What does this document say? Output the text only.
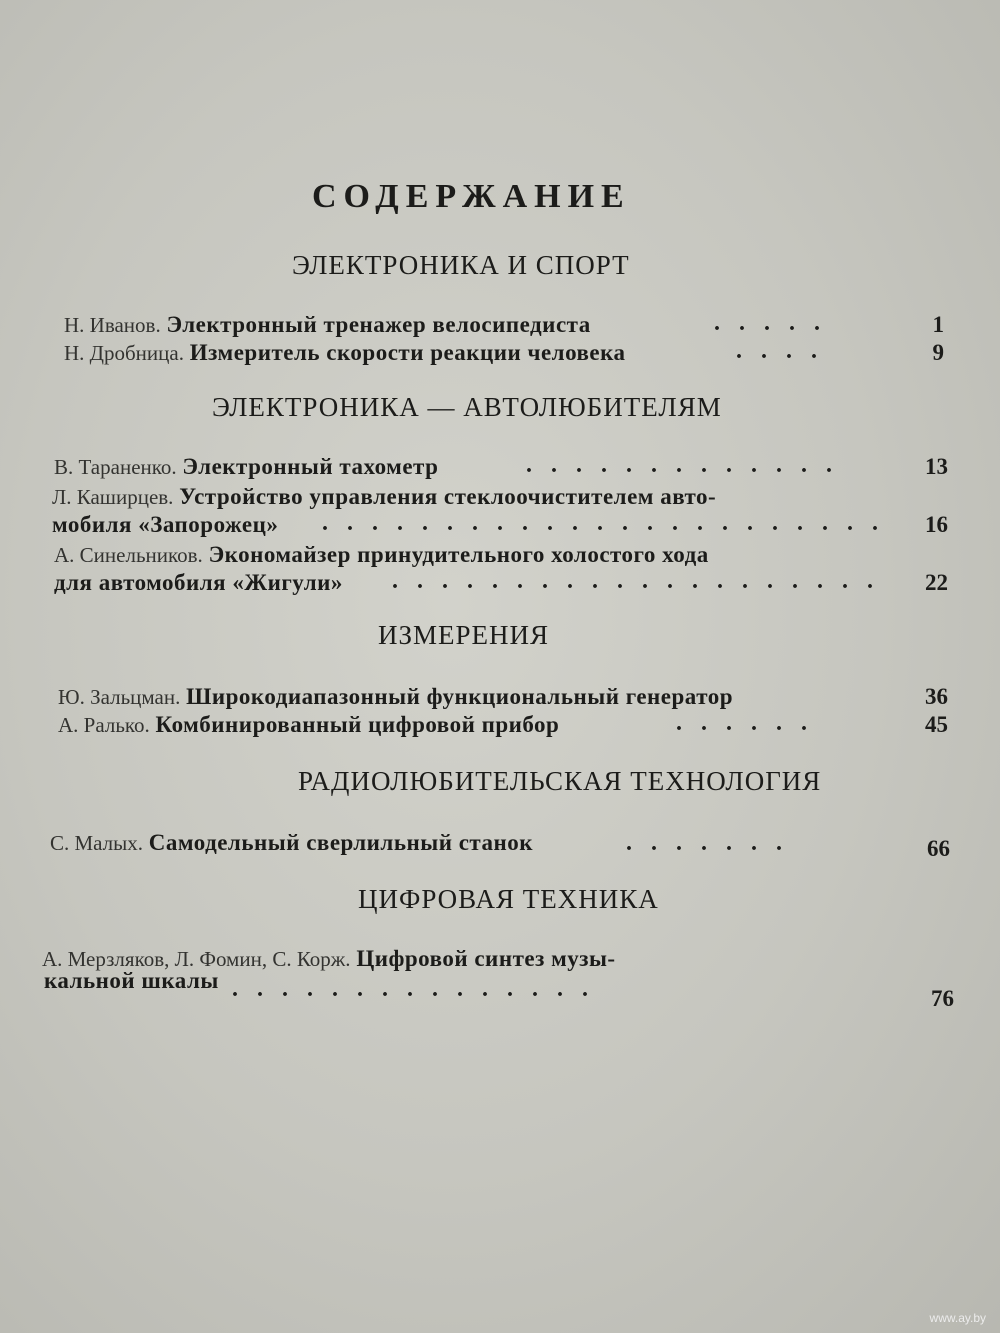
СОДЕРЖАНИЕ
ЭЛЕКТРОНИКА И СПОРТ
Н. Иванов. Электронный тренажер велосипедиста	.....	1
Н. Дробница. Измеритель скорости реакции человека	....	9
ЭЛЕКТРОНИКА — АВТОЛЮБИТЕЛЯМ
В. Тараненко. Электронный тахометр	.............	13
Л. Каширцев. Устройство управления стеклоочистителем авто-
мобиля «Запорожец» .......................	16
А. Синельников. Экономайзер принудительного холостого хода
для автомобиля «Жигули» ....................	22
ИЗМЕРЕНИЯ
Ю. Зальцман. Широкодиапазонный функциональный генератор	36
А. Ралько. Комбинированный цифровой прибор	......	45
РАДИОЛЮБИТЕЛЬСКАЯ ТЕХНОЛОГИЯ
С. Малых. Самодельный сверлильный станок	.......	66
ЦИФРОВАЯ ТЕХНИКА
А. Мерзляков, Л. Фомин, С. Корж. Цифровой синтез музы-
кальной шкалы ...............	76
www.ay.by
